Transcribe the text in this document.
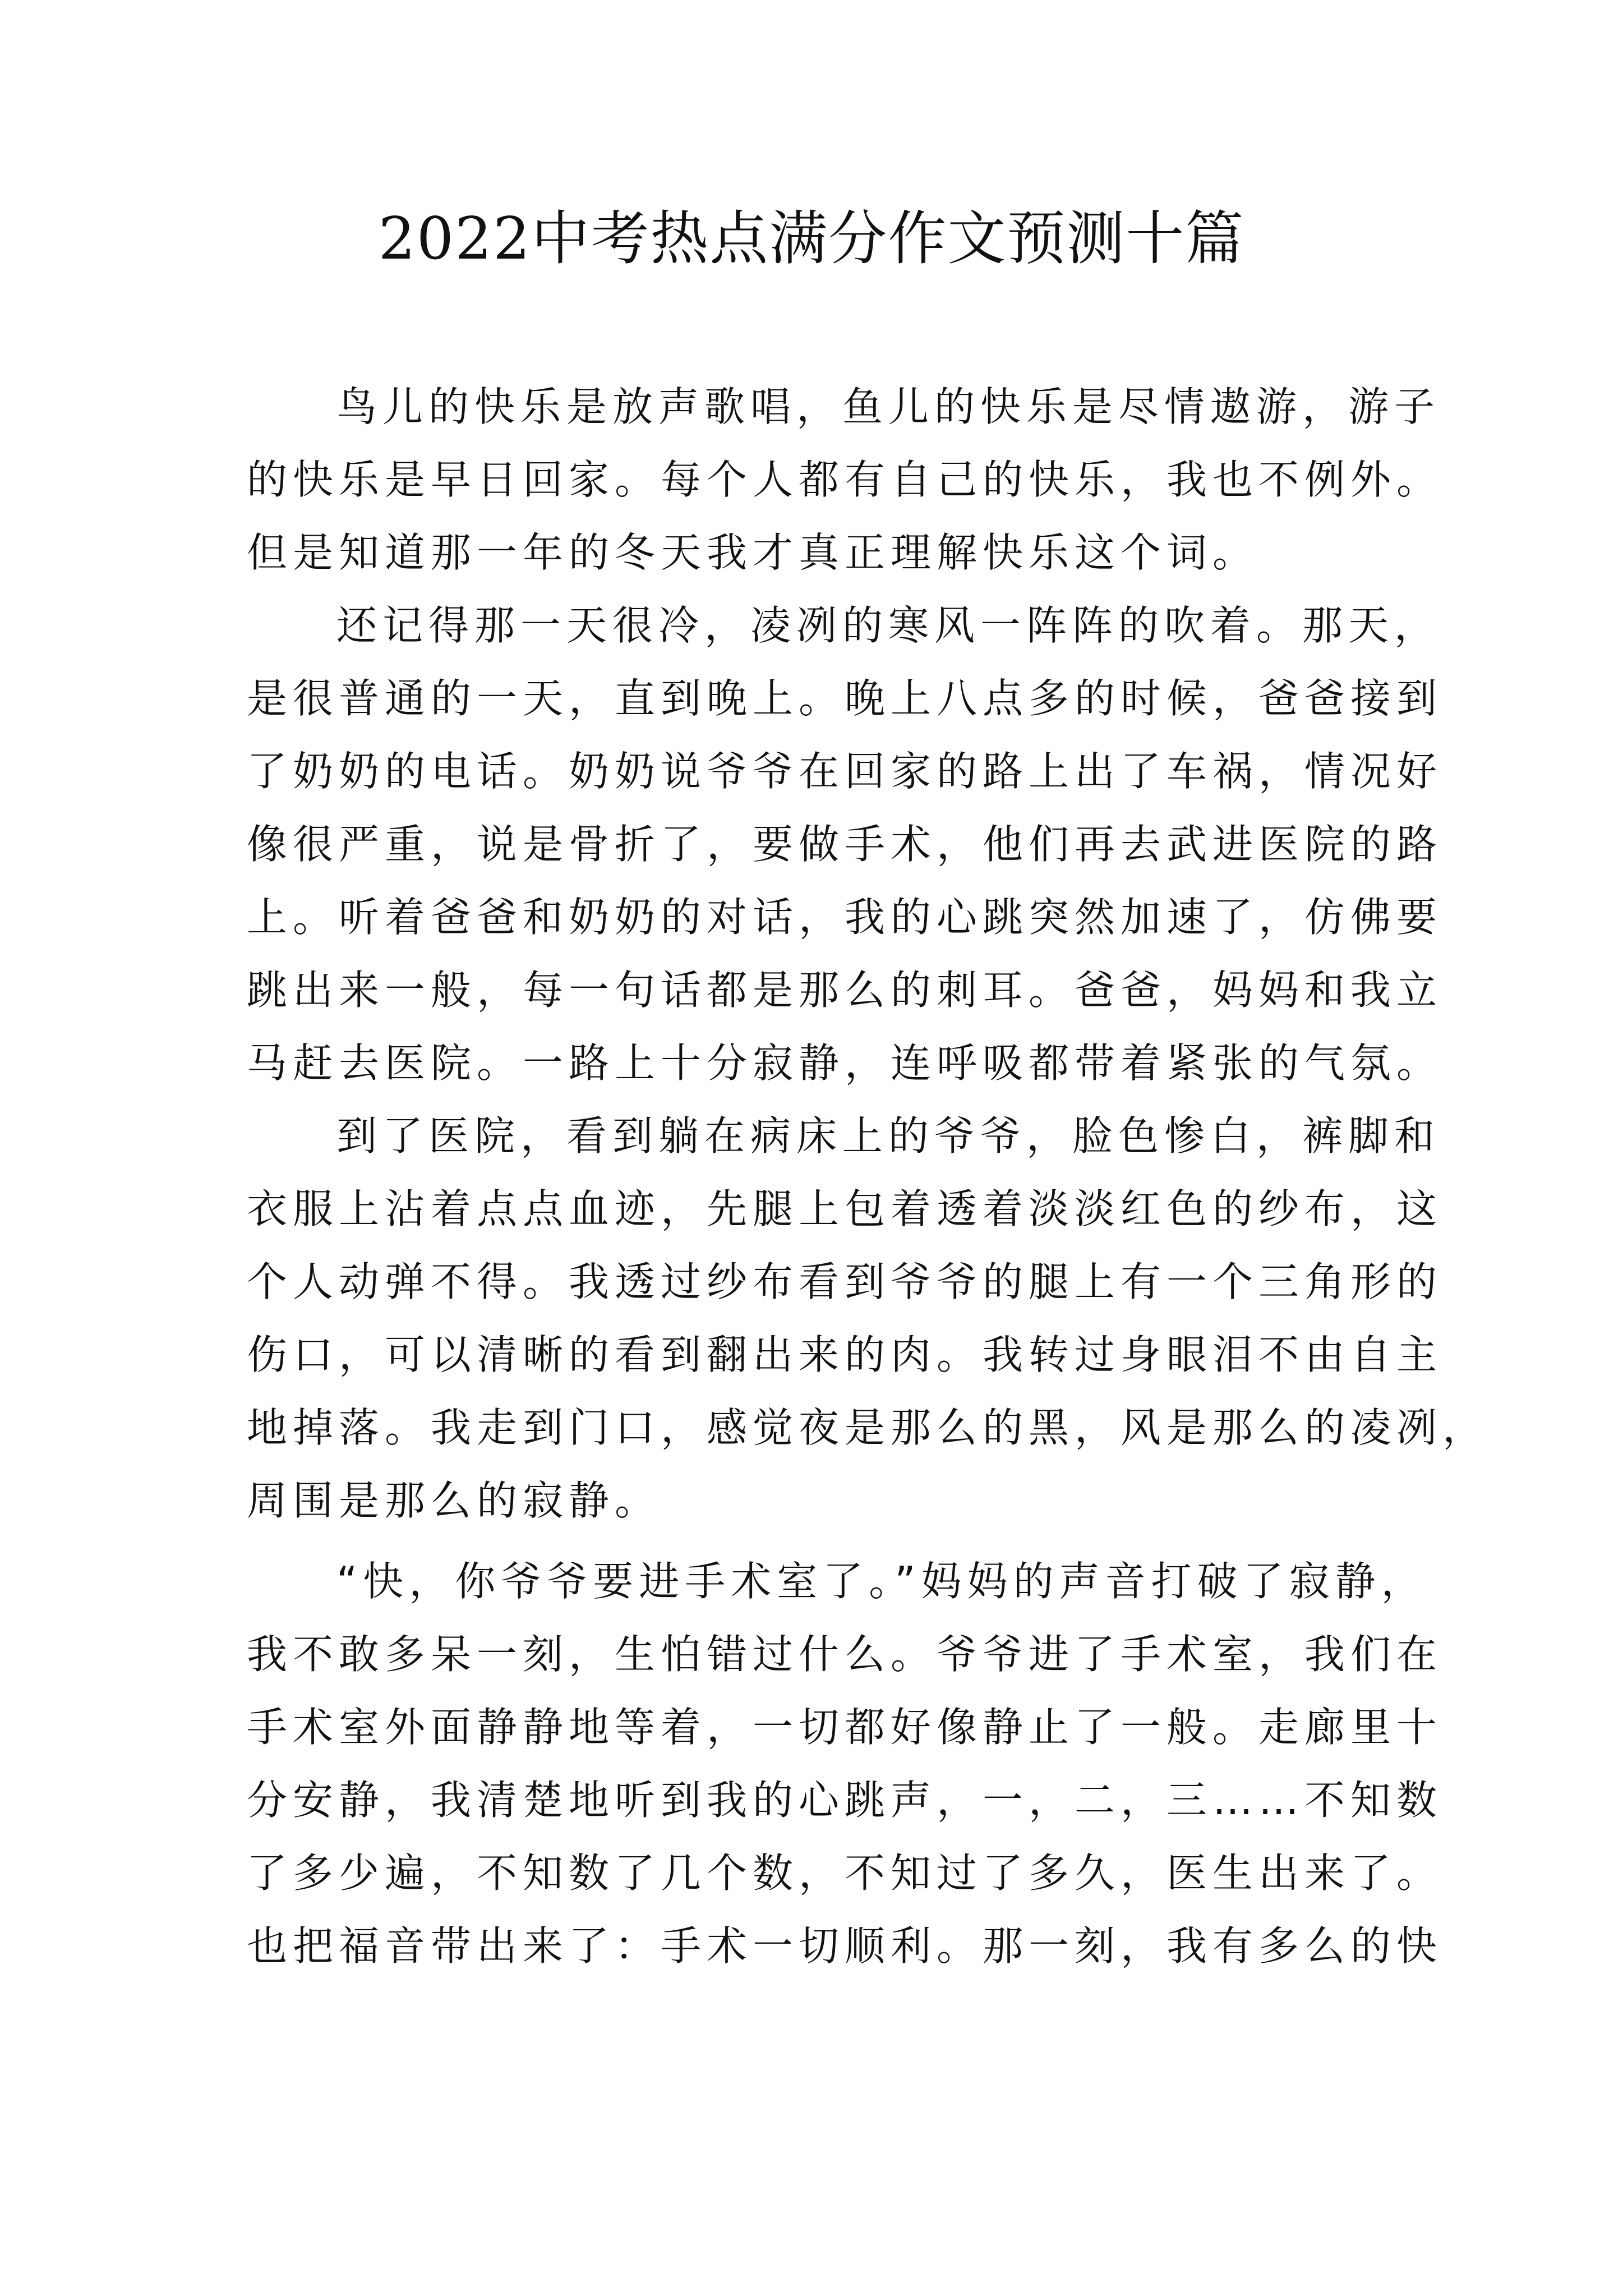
2022中考热点满分作文预测十篇
鸟儿的快乐是放声歌唱，鱼儿的快乐是尽情遨游，游子
的快乐是早日回家。每个人都有自己的快乐，我也不例外。
但是知道那一年的冬天我才真正理解快乐这个词。
还记得那一天很冷，凌冽的寒风一阵阵的吹着。那天，
是很普通的一天，直到晚上。晚上八点多的时候，爸爸接到
了奶奶的电话。奶奶说爷爷在回家的路上出了车祸，情况好
像很严重，说是骨折了，要做手术，他们再去武进医院的路
上。听着爸爸和奶奶的对话，我的心跳突然加速了，仿佛要
跳出来一般，每一句话都是那么的刺耳。爸爸，妈妈和我立
马赶去医院。一路上十分寂静，连呼吸都带着紧张的气氛。
到了医院，看到躺在病床上的爷爷，脸色惨白，裤脚和
衣服上沾着点点血迹，先腿上包着透着淡淡红色的纱布，这
个人动弹不得。我透过纱布看到爷爷的腿上有一个三角形的
伤口，可以清晰的看到翻出来的肉。我转过身眼泪不由自主
地掉落。我走到门口，感觉夜是那么的黑，风是那么的凌冽，
周围是那么的寂静。
“快，你爷爷要进手术室了。”妈妈的声音打破了寂静，
我不敢多呆一刻，生怕错过什么。爷爷进了手术室，我们在
手术室外面静静地等着，一切都好像静止了一般。走廊里十
分安静，我清楚地听到我的心跳声，一，二，三……不知数
了多少遍，不知数了几个数，不知过了多久，医生出来了。
也把福音带出来了：手术一切顺利。那一刻，我有多么的快
